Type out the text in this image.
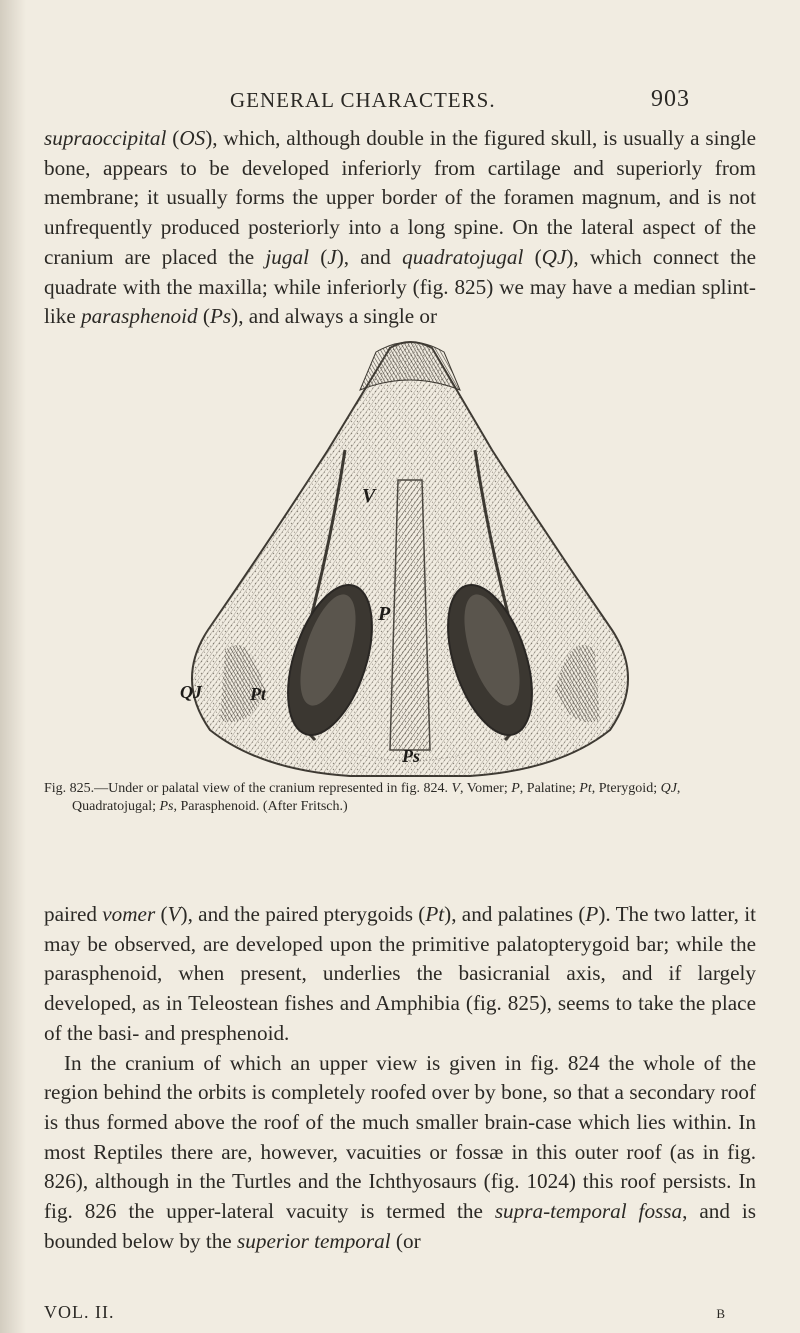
GENERAL CHARACTERS.	903

supraoccipital (OS), which, although double in the figured skull, is usually a single bone, appears to be developed inferiorly from cartilage and superiorly from membrane; it usually forms the upper border of the foramen magnum, and is not unfrequently produced posteriorly into a long spine. On the lateral aspect of the cranium are placed the jugal (J), and quadratojugal (QJ), which connect the quadrate with the maxilla; while inferiorly (fig. 825) we may have a median splint-like parasphenoid (Ps), and always a single or

V
P
Pt
QJ
Ps
Fig. 825.—Under or palatal view of the cranium represented in fig. 824. V, Vomer; P, Palatine; Pt, Pterygoid; QJ, Quadratojugal; Ps, Parasphenoid. (After Fritsch.)

paired vomer (V), and the paired pterygoids (Pt), and palatines (P). The two latter, it may be observed, are developed upon the primitive palatopterygoid bar; while the parasphenoid, when present, underlies the basicranial axis, and if largely developed, as in Teleostean fishes and Amphibia (fig. 825), seems to take the place of the basi- and presphenoid.

In the cranium of which an upper view is given in fig. 824 the whole of the region behind the orbits is completely roofed over by bone, so that a secondary roof is thus formed above the roof of the much smaller brain-case which lies within. In most Reptiles there are, however, vacuities or fossæ in this outer roof (as in fig. 826), although in the Turtles and the Ichthyosaurs (fig. 1024) this roof persists. In fig. 826 the upper-lateral vacuity is termed the supra-temporal fossa, and is bounded below by the superior temporal (or

VOL. II.	B
